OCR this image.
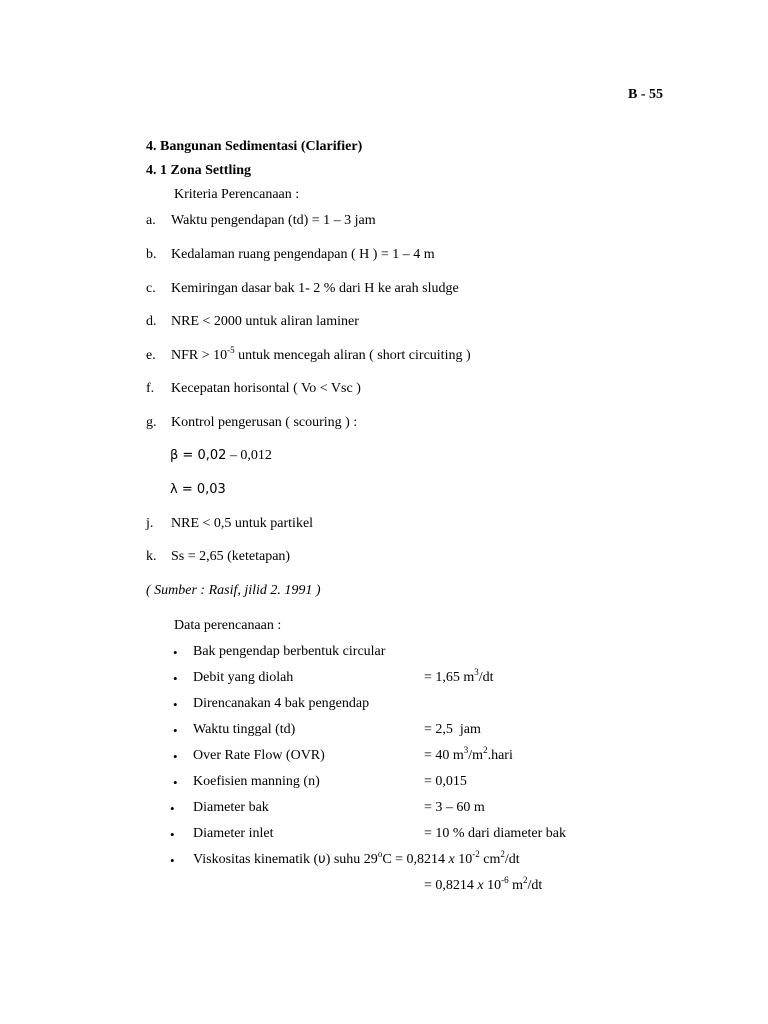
B - 55
4. Bangunan Sedimentasi (Clarifier)
4. 1 Zona Settling
Kriteria Perencanaan :
a. Waktu pengendapan (td) = 1 – 3 jam
b. Kedalaman ruang pengendapan ( H ) = 1 – 4 m
c. Kemiringan dasar bak 1- 2 % dari H ke arah sludge
d. NRE < 2000 untuk aliran laminer
e. NFR > $10^{-5}$ untuk mencegah aliran ( short circuiting )
f. Kecepatan horisontal ( Vo < Vsc )
g. Kontrol pengerusan ( scouring ) :
β = 0,02 – 0,012
λ = 0,03
j. NRE < 0,5 untuk partikel
k. Ss = 2,65 (ketetapan)
( Sumber : Rasif, jilid 2. 1991 )
Data perencanaan :
• Bak pengendap berbentuk circular
• Debit yang diolah	= 1,65 $m^3/dt$
• Direncanakan 4 bak pengendap
• Waktu tinggal (td)	= 2,5  jam
• Over Rate Flow (OVR)	= 40 $m^3/m^2.hari$
• Koefisien manning (n)	= 0,015
• Diameter bak	= 3 – 60 m
• Diameter inlet	= 10 % dari diameter bak
• Viskositas kinematik (υ) suhu $29^oC = 0,8214$ x $10^{-2}$ $cm^2/dt$
= 0,8214 x $10^{-6}$ $m^2/dt$
